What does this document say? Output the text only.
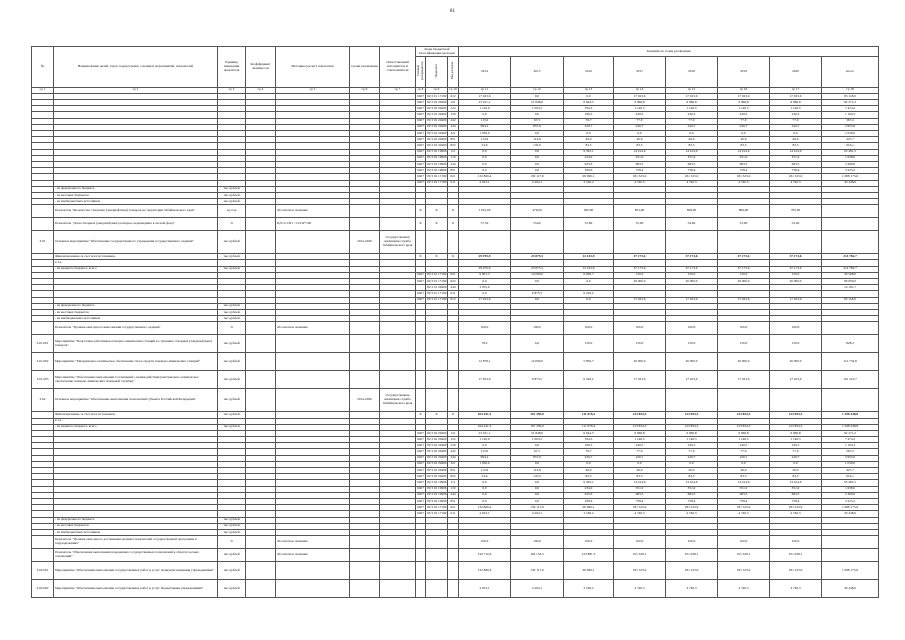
81
№	Наименование целей, задач, подпрограмм, основных мероприятий, показателей	Единица измерения показателя	Коэффициент значимости	Методика расчета показателя	Сроки реализации	Ответственный исполнитель и соисполнители	Коды бюджетной классификации расходов			Значения по годам реализации							
							Главный распорядитель	Подраздел	Вид расходов	2014	2015	2016	2017	2018	2019	2020	итого
гр 1	гр 2	гр 3	гр 4	гр 5	гр 6	гр 7	гр 8	гр 9	гр 10	гр 11	гр 12	гр 13	гр 14	гр 15	гр 16	гр 17	гр 18
							0407	09 3 01 17199	612	17 023,6	0,0	0,0	17 023,6	17 023,6	17 023,6	17 023,6	85 118,0
							0407	09 3 02 29400	121	23 911,1	21 848,6	6 644,5	9 966,8	9 966,8	9 966,8	9 966,8	92 271,2
							0407	09 3 02 29400	122	1 120,9	1 003,2	764,3	1 146,5	1 146,5	1 146,5	1 146,5	7 474,2
							0407	09 3 02 29400	129	0,0	0,0	166,3	249,5	249,5	249,5	249,5	1 164,3
							0407	09 3 02 29400	242	115,0	67,5	76,7	77,0	77,0	77,0	77,0	567,2
							0407	09 3 02 29400	244	994,2	857,9	220,7	220,7	220,7	220,7	220,7	2 955,6
							0407	09 3 02 29400	321	1 030,0	0,0	0,0	0,0	0,0	0,0	0,0	1 030,0
							0407	09 3 02 29400	851	112,9	114,8	40,0	40,0	40,0	40,0	40,0	427,7
							0407	09 3 02 29400	852	54,6	145,0	83,3	83,3	83,3	83,3	83,3	616,1
							0407	09 3 02 19906	111	0,0	0,0	9 363,1	14 014,6	14 014,6	14 014,6	14 014,6	65 481,5
							0407	09 3 02 19906	119	0,0	0,0	234,0	351,0	351,0	351,0	351,0	1 638,0
							0407	09 3 02 19906	244	0,0	0,0	635,6	683,5	683,5	683,5	683,5	3 369,6
							0407	09 3 02 19906	851	0,0	0,0	189,6	758,4	758,4	758,4	758,4	3 223,2
							0407	09 3 02 17199	621	132 869,4	139 117,9	90 096,1	181 523,0	181 523,0	181 523,0	181 523,0	1 088 175,6
							0407	09 3 02 17199	611	4 023,1	4 204,1	3 160,2	4 740,3	4 740,3	4 740,3	4 740,3	30 348,6
	- из федерального бюджета	тыс.рублей															
	- из местных бюджетов	тыс.рублей															
	- из внебюджетных источников	тыс.рублей															
	Показатель "Количество створных (ландшафтных) пожаров на территории Забайкальского края"	ед./год		абсолютное значение			X	X	X	1 041,00	476,00	950,00	853,00	848,00	806,00	765,00	
	Показатель "Доля створных (ландшафтных) пожаров, перешедших в лесной фонд"	%		Ц/S=Ст/П1 / Ст/П2*100			X	X	X	57,50	55,00	55,80	55,00	54,00	53,00	52,00	
3.01	Основное мероприятие "Обеспечение государственного учреждения государственного задания"	тыс.рублей			2014-2020	Государственная жилищная служба Забайкальского края											
	Финансирование за счет всех источников,	тыс.рублей					X	X	X	29 970,9	23 875,5	12 232,9	37 173,6	37 173,6	37 173,6	37 173,6	214 782,7
	в т.ч.																
	- из краевого бюджета, всего	тыс.рублей								29 970,9	23 875,5	12 232,9	37 173,6	37 173,6	37 173,6	37 173,6	214 782,7
							0407	09 3 01 17199	621	9 901,3	14 000,0	6 006,7	150,0	150,0	150,0	150,0	30 508,0
							0407	09 3 01 17199	622	0,0	0,0	0,0	20 000,0	20 000,0	20 000,0	20 000,0	80 000,0
								09 3 01 29400	244	3 055,0							14 101,7
							0407	09 3 01 17199	611	0,0	9 875,5	6 226,2					
							0407	09 3 01 17199	612	17 023,6	0,0	0,0	17 023,6	17 023,6	17 023,6	17 023,6	85 118,0
	- из федерального бюджета	тыс.рублей															
	- из местных бюджетов	тыс.рублей															
	- из внебюджетных источников	тыс.рублей															
	Показатель "Уровень ежегодного выполнения государственного задания"	%		абсолютное значение						100,0	100,0	100,0	100,0	100,0	100,0	100,0	
3.01.001	Мероприятие "Подготовка работников пожарно-химических станций по тушению створных (ландшафтных) пожаров"	тыс.рублей								78,2	0,0	150,0	150,0	150,0	150,0	150,0	828,2
3.01.002	Мероприятие "Материально-техническое обеспечение сил и средств пожарно-химических станций"	тыс.рублей								12 878,1	14 000,0	5 856,7	20 000,0	20 000,0	20 000,0	20 000,0	112 734,8
3.01.003	Мероприятие "Обеспечение выполнения Соглашений о взаимодействии (материально-техническое обеспечение пожарно-химических пожарной службы)"	тыс.рублей								17 023,6	9 875,5	6 226,2	17 023,6	17 023,6	17 023,6	17 023,6	101 219,7
3.02	Основное мероприятие "Обеспечение выполнения полномочий субъекта Российской Федерации"	тыс.рублей			2014-2020	Государственная жилищная служба Забайкальского края											
	Финансирование за счет всех источников,	тыс.рублей					X	X	X	164 441,2	167 359,0	111 676,4	213 854,3	213 854,3	213 854,3	213 854,3	1 298 448,8
	в т.ч.																
	- из краевого бюджета, всего	тыс.рублей								164 441,2	167 359,0	111 676,4	213 854,3	213 854,3	213 854,3	213 854,3	1 298 448,8
							0407	09 3 02 29400	121	23 911,1	21 848,6	6 644,5	9 966,8	9 966,8	9 966,8	9 966,8	92 271,2
							0407	09 3 02 29400	122	1 120,9	1 003,2	764,3	1 146,5	1 146,5	1 146,5	1 146,5	7 474,2
							0407	09 3 02 29400	129	0,0	0,0	166,3	249,5	249,5	249,5	249,5	1 164,3
							0407	09 3 02 29400	242	115,0	67,5	76,7	77,0	77,0	77,0	77,0	567,2
							0407	09 3 02 29400	244	994,2	857,9	220,7	220,7	220,7	220,7	220,7	2 955,6
							0407	09 3 02 29400	321	1 030,0	0,0	0,0	0,0	0,0	0,0	0,0	1 030,0
							0407	09 3 02 29400	851	112,9	114,8	40,0	40,0	40,0	40,0	40,0	427,7
							0407	09 3 02 29400	852	54,6	145,0	83,3	83,3	83,3	83,3	83,3	616,1
							0407	09 3 02 19906	111	0,0	0,0	9 363,1	14 014,6	14 014,6	14 014,6	14 014,6	65 481,5
							0407	09 3 02 19906	119	0,0	0,0	234,0	351,0	351,0	351,0	351,0	1 638,0
							0407	09 3 02 19906	244	0,0	0,0	635,6	683,5	683,5	683,5	683,5	3 369,6
							0407	09 3 02 19906	851	0,0	0,0	189,6	758,4	758,4	758,4	758,4	3 223,2
							0407	09 3 02 17199	621	132 869,4	139 117,9	90 096,1	181 523,0	181 523,0	181 523,0	181 523,0	1 088 175,6
							0407	09 3 02 17199	611	4 023,1	4 204,1	3 160,2	4 740,3	4 740,3	4 740,3	4 740,3	30 348,6
	- из федерального бюджета	тыс.рублей															
	- из местных бюджетов	тыс.рублей															
	- из внебюджетных источников	тыс.рублей															
	Показатель "Уровень ежегодного достижения целевых показателей государственной программы в подразделениях"	%		абсолютное значение						100,0	100,0	100,0	100,0	100,0	100,0	100,0	
	Показатель "Обеспечение выполнения переданных государственных полномочий в области лесных отношений"	тыс.рублей		абсолютное значение						216 710,6	162 154,5	123 881,3	251 028,1	251 028,1	251 028,1	251 028,1	
3.02.001	Мероприятие "Обеспечение выполнения государственных работ и услуг подведомственными учреждениями"	тыс.рублей								132 869,4	139 117,9	90 096,1	181 523,0	181 523,0	181 523,0	181 523,0	1 088 175,6
3.02.002	Мероприятие "Обеспечение выполнения государственных работ и услуг бюджетными учреждениями"	тыс.рублей								4 023,1	4 204,1	3 160,2	4 740,3	4 740,3	4 740,3	4 740,3	30 348,6
